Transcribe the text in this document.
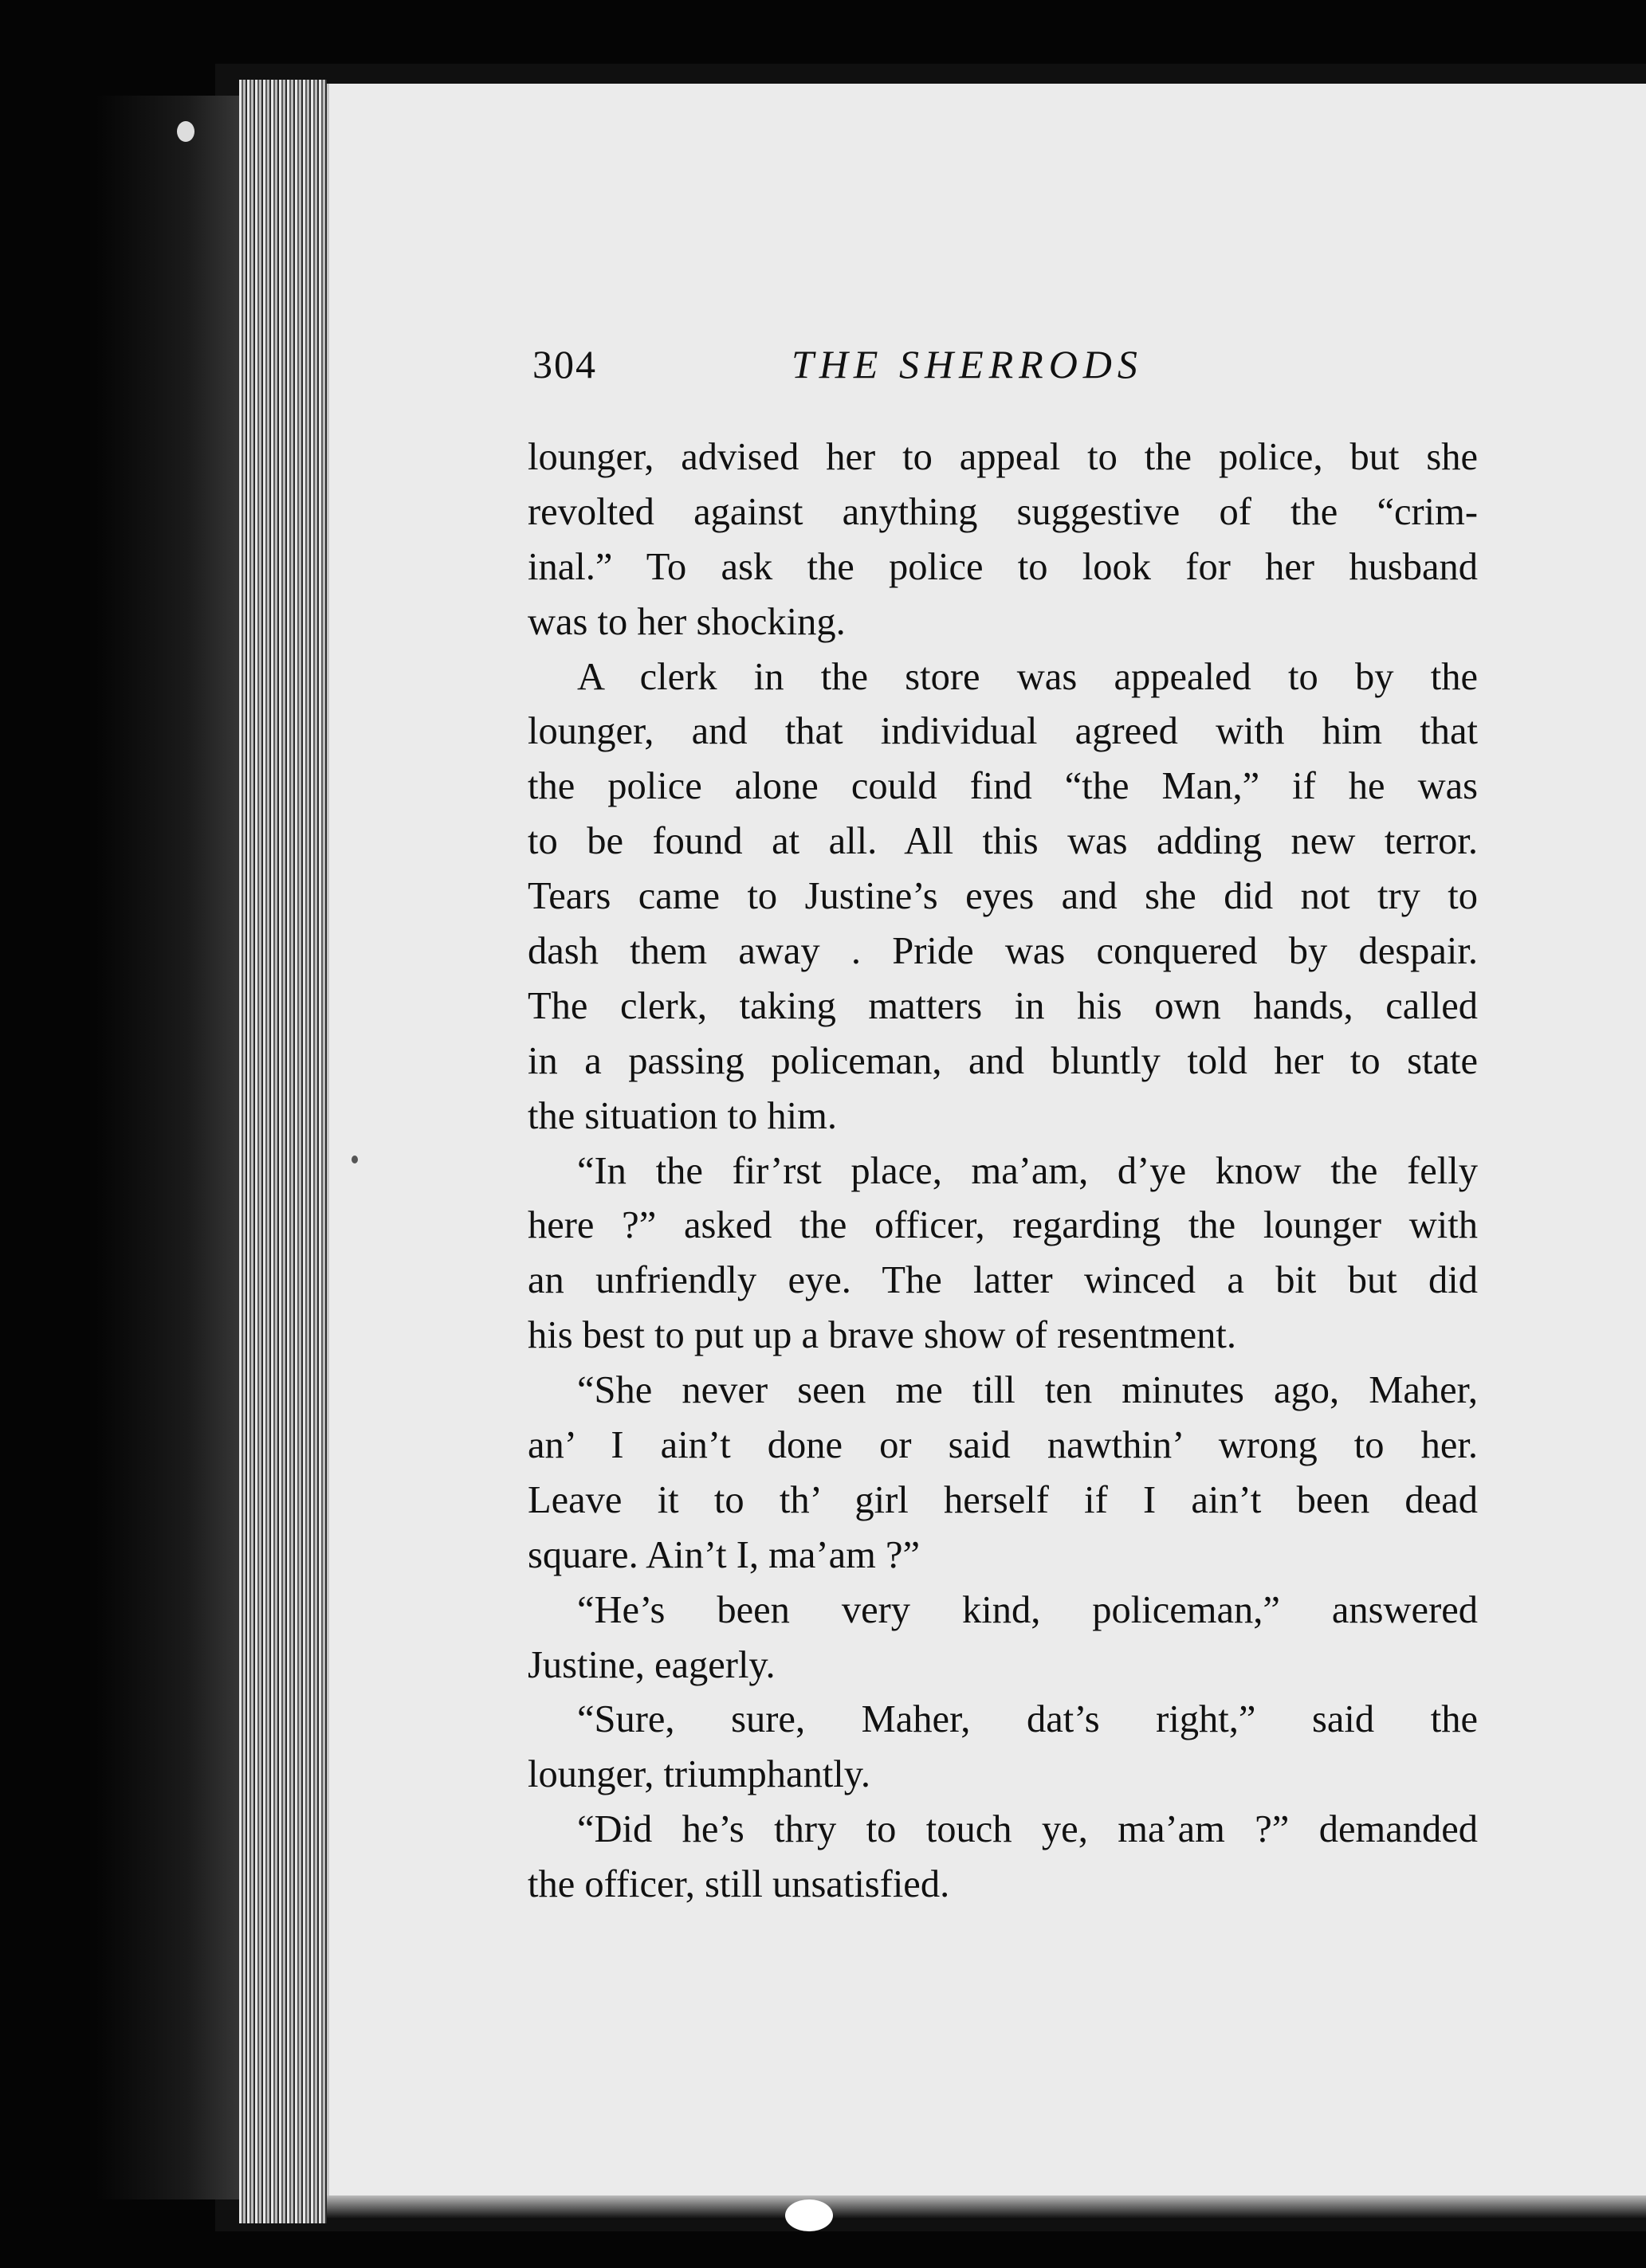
304	THE SHERRODS
lounger, advised her to appeal to the police, but she
revolted against anything suggestive of the “crim-
inal.” To ask the police to look for her husband
was to her shocking.
A clerk in the store was appealed to by the
lounger, and that individual agreed with him that
the police alone could find “the Man,” if he was
to be found at all. All this was adding new terror.
Tears came to Justine’s eyes and she did not try to
dash them away . Pride was conquered by despair.
The clerk, taking matters in his own hands, called
in a passing policeman, and bluntly told her to state
the situation to him.
“In the fir’rst place, ma’am, d’ye know the felly
here ?” asked the officer, regarding the lounger with
an unfriendly eye. The latter winced a bit but did
his best to put up a brave show of resentment.
“She never seen me till ten minutes ago, Maher,
an’ I ain’t done or said nawthin’ wrong to her.
Leave it to th’ girl herself if I ain’t been dead
square. Ain’t I, ma’am ?”
“He’s been very kind, policeman,” answered
Justine, eagerly.
“Sure, sure, Maher, dat’s right,” said the
lounger, triumphantly.
“Did he’s thry to touch ye, ma’am ?” demanded
the officer, still unsatisfied.
